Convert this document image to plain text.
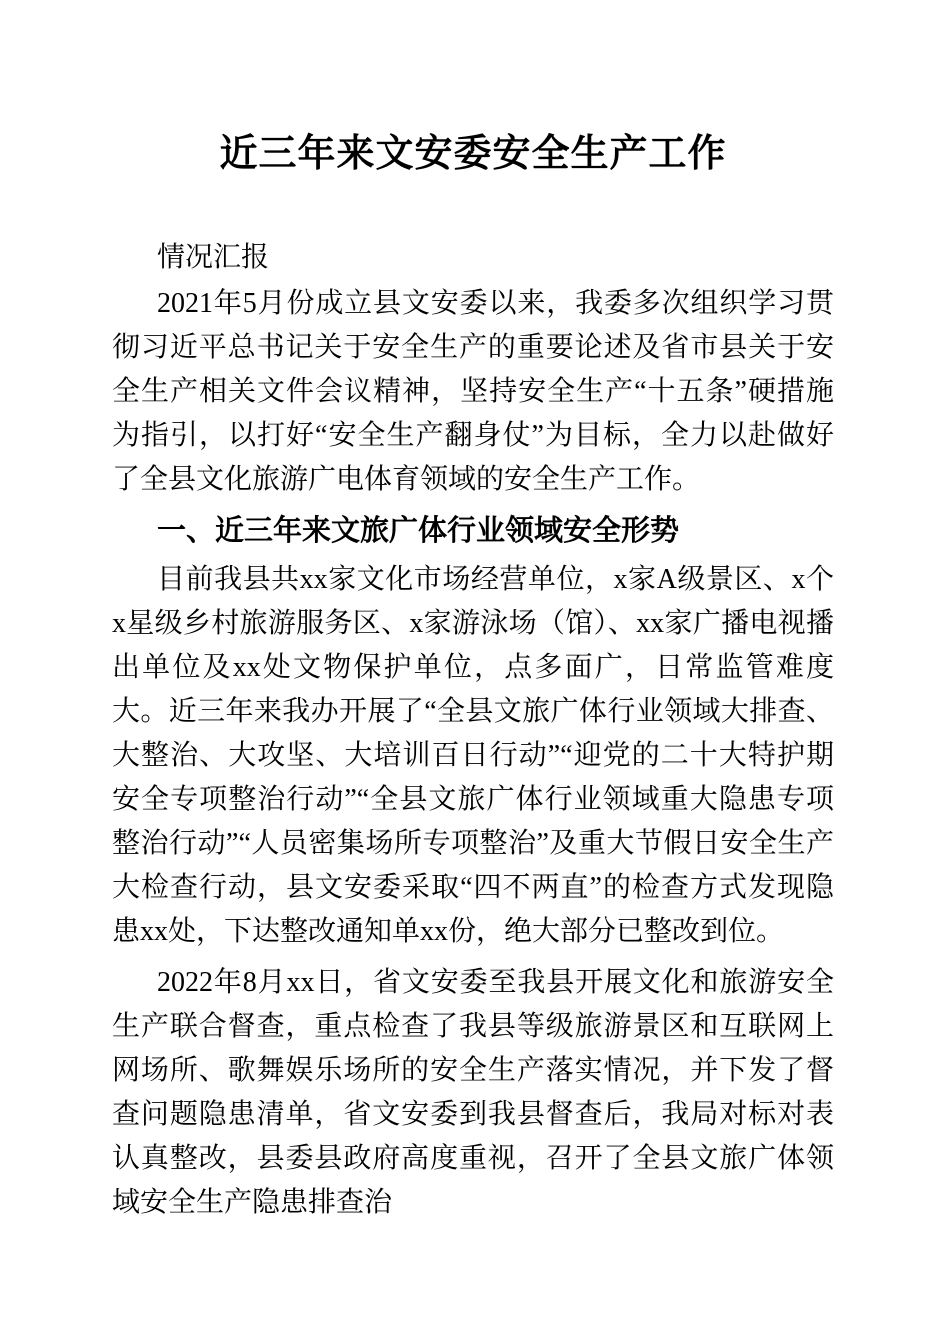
近三年来文安委安全生产工作

情况汇报

2021年5月份成立县文安委以来，我委多次组织学习贯彻习近平总书记关于安全生产的重要论述及省市县关于安全生产相关文件会议精神，坚持安全生产“十五条”硬措施为指引，以打好“安全生产翻身仗”为目标，全力以赴做好了全县文化旅游广电体育领域的安全生产工作。

一、近三年来文旅广体行业领域安全形势

目前我县共xx家文化市场经营单位，x家A级景区、x个x星级乡村旅游服务区、x家游泳场（馆）、xx家广播电视播出单位及xx处文物保护单位，点多面广，日常监管难度大。近三年来我办开展了“全县文旅广体行业领域大排查、大整治、大攻坚、大培训百日行动”“迎党的二十大特护期安全专项整治行动”“全县文旅广体行业领域重大隐患专项整治行动”“人员密集场所专项整治”及重大节假日安全生产大检查行动，县文安委采取“四不两直”的检查方式发现隐患xx处，下达整改通知单xx份，绝大部分已整改到位。

2022年8月xx日，省文安委至我县开展文化和旅游安全生产联合督查，重点检查了我县等级旅游景区和互联网上网场所、歌舞娱乐场所的安全生产落实情况，并下发了督查问题隐患清单，省文安委到我县督查后，我局对标对表认真整改，县委县政府高度重视，召开了全县文旅广体领域安全生产隐患排查治
